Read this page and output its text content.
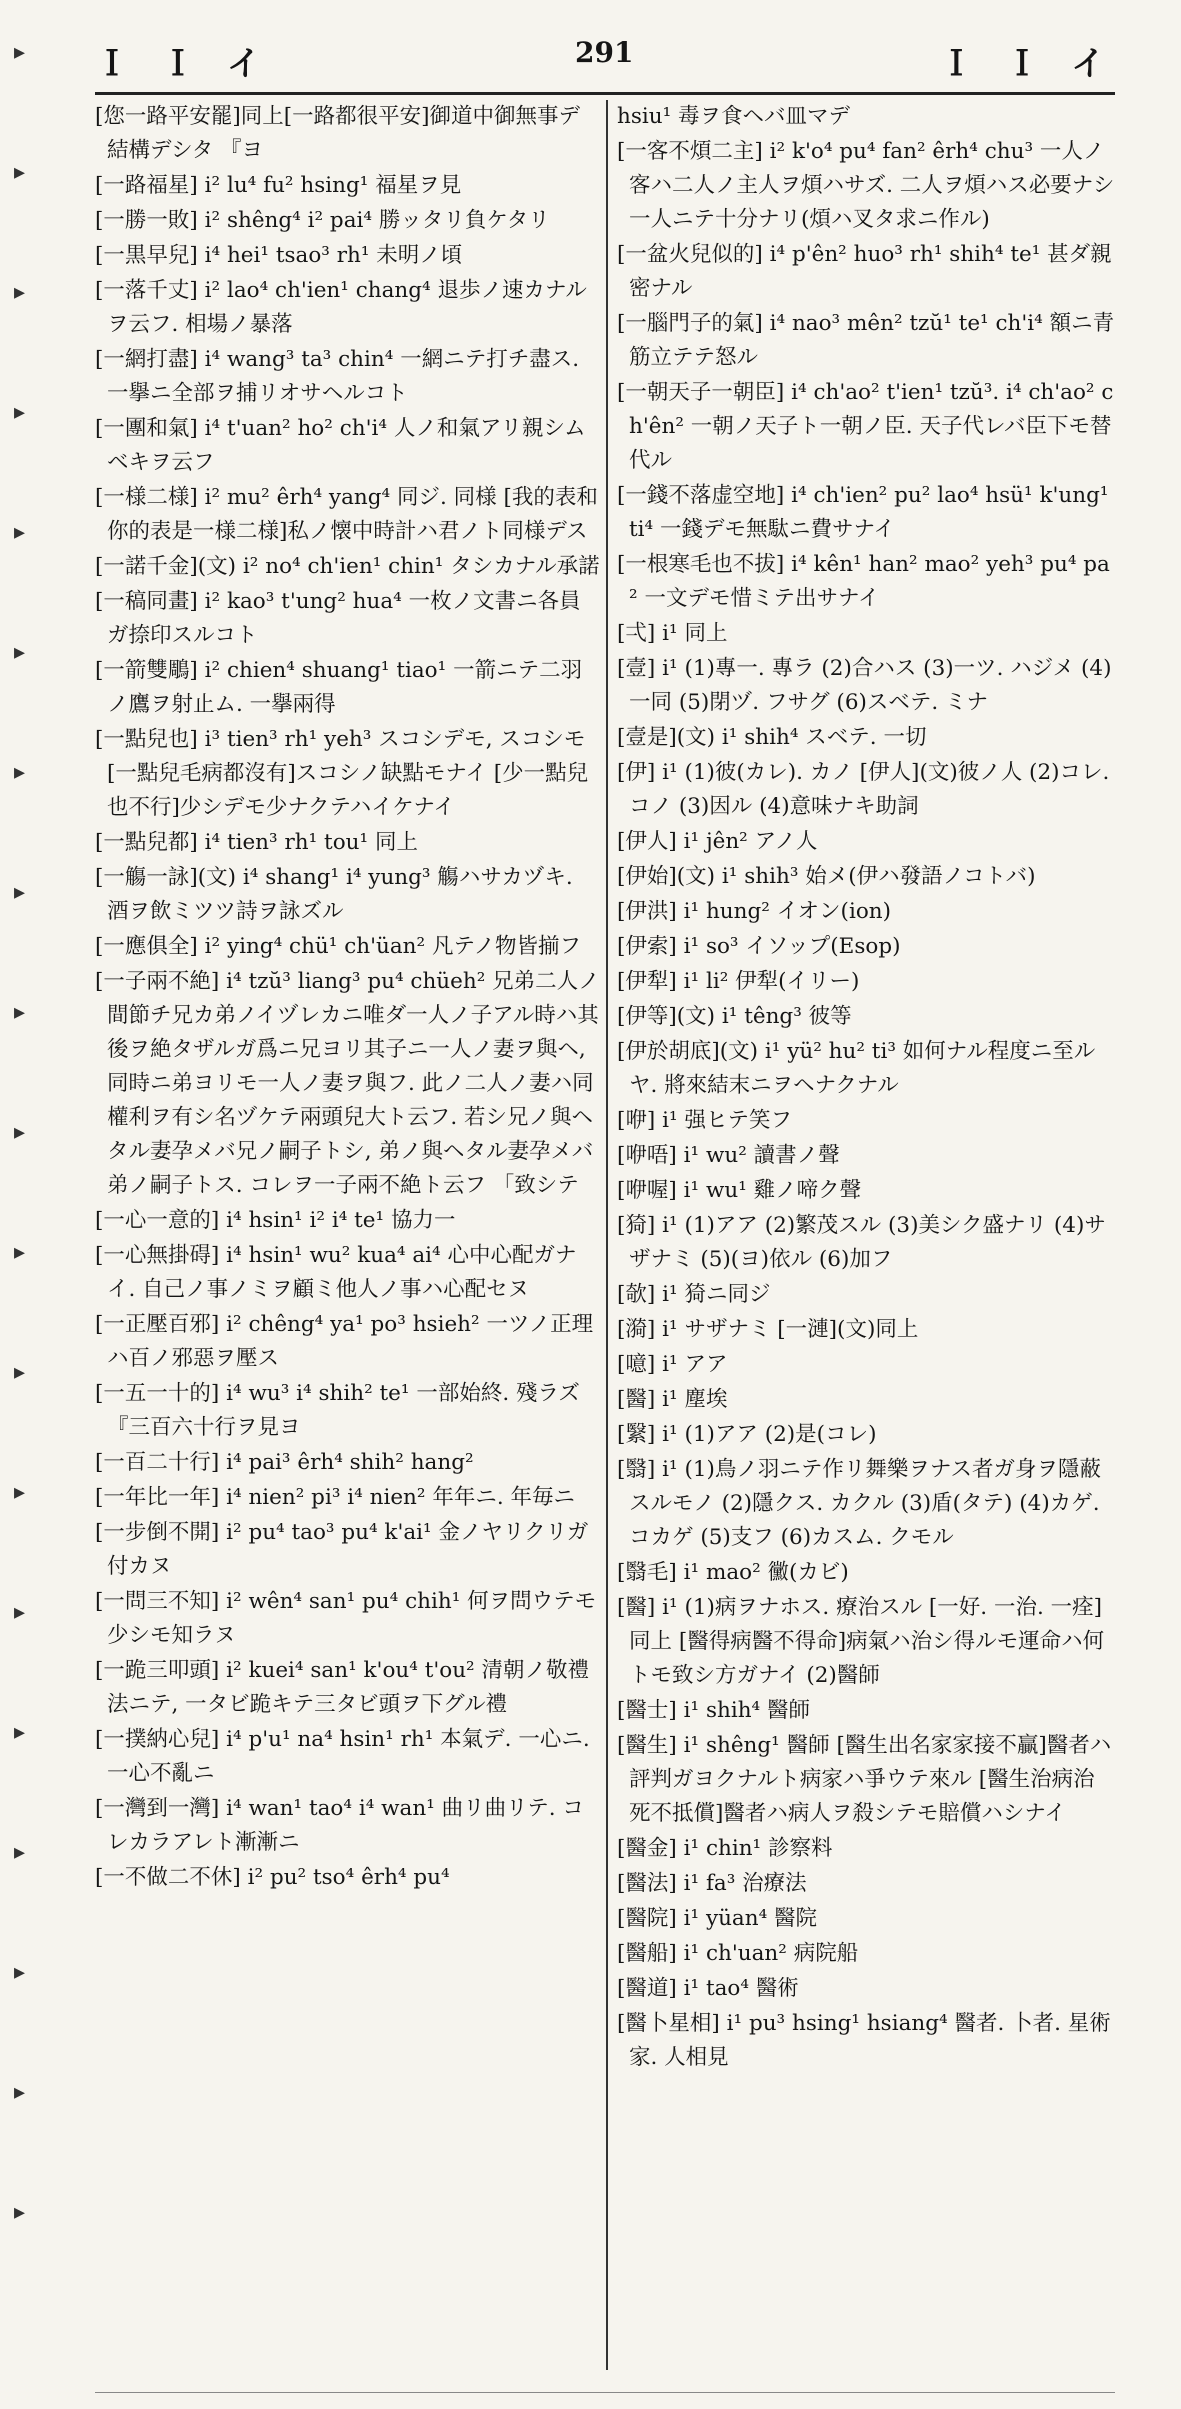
▸
▸
▸
▸
▸
▸
▸
▸
▸
▸
▸
▸
▸
▸
▸
▸
▸
▸
▸
Ｉ Ｉ イ	291	Ｉ Ｉ イ

[您一路平安罷]同上[一路都很平安]御道中御無事デ結構デシタ 『ヨ

[一路福星] i² lu⁴ fu² hsing¹ 福星ヲ見

[一勝一敗] i² shêng⁴ i² pai⁴ 勝ッタリ負ケタリ

[一黒早兒] i⁴ hei¹ tsao³ rh¹ 未明ノ頃

[一落千丈] i² lao⁴ ch'ien¹ chang⁴ 退歩ノ速カナルヲ云フ. 相場ノ暴落

[一網打盡] i⁴ wang³ ta³ chin⁴ 一網ニテ打チ盡ス. 一擧ニ全部ヲ捕リオサヘルコト

[一團和氣] i⁴ t'uan² ho² ch'i⁴ 人ノ和氣アリ親シムベキヲ云フ

[一様二様] i² mu² êrh⁴ yang⁴ 同ジ. 同様 [我的表和你的表是一様二様]私ノ懐中時計ハ君ノト同様デス

[一諾千金](文) i² no⁴ ch'ien¹ chin¹ タシカナル承諾

[一稿同畫] i² kao³ t'ung² hua⁴ 一枚ノ文書ニ各員ガ捺印スルコト

[一箭雙鵰] i² chien⁴ shuang¹ tiao¹ 一箭ニテ二羽ノ鷹ヲ射止ム. 一擧兩得

[一點兒也] i³ tien³ rh¹ yeh³ スコシデモ, スコシモ [一點兒毛病都沒有]スコシノ缺點モナイ [少一點兒也不行]少シデモ少ナクテハイケナイ

[一點兒都] i⁴ tien³ rh¹ tou¹ 同上

[一觴一詠](文) i⁴ shang¹ i⁴ yung³ 觴ハサカヅキ. 酒ヲ飲ミツツ詩ヲ詠ズル

[一應俱全] i² ying⁴ chü¹ ch'üan² 凡テノ物皆揃フ

[一子兩不絶] i⁴ tzŭ³ liang³ pu⁴ chüeh² 兄弟二人ノ間節チ兄カ弟ノイヅレカニ唯ダ一人ノ子アル時ハ其後ヲ絶タザルガ爲ニ兄ヨリ其子ニ一人ノ妻ヲ與ヘ, 同時ニ弟ヨリモ一人ノ妻ヲ與フ. 此ノ二人ノ妻ハ同權利ヲ有シ名ヅケテ兩頭兒大ト云フ. 若シ兄ノ與ヘタル妻孕メバ兄ノ嗣子トシ, 弟ノ與ヘタル妻孕メバ弟ノ嗣子トス. コレヲ一子兩不絶ト云フ 「致シテ

[一心一意的] i⁴ hsin¹ i² i⁴ te¹ 協力一

[一心無掛碍] i⁴ hsin¹ wu² kua⁴ ai⁴ 心中心配ガナイ. 自己ノ事ノミヲ顧ミ他人ノ事ハ心配セヌ

[一正壓百邪] i² chêng⁴ ya¹ po³ hsieh² 一ツノ正理ハ百ノ邪惡ヲ壓ス

[一五一十的] i⁴ wu³ i⁴ shih² te¹ 一部始終. 殘ラズ 『三百六十行ヲ見ヨ

[一百二十行] i⁴ pai³ êrh⁴ shih² hang²

[一年比一年] i⁴ nien² pi³ i⁴ nien² 年年ニ. 年毎ニ

[一步倒不開] i² pu⁴ tao³ pu⁴ k'ai¹ 金ノヤリクリガ付カヌ

[一問三不知] i² wên⁴ san¹ pu⁴ chih¹ 何ヲ問ウテモ少シモ知ラヌ

[一跪三叩頭] i² kuei⁴ san¹ k'ou⁴ t'ou² 清朝ノ敬禮法ニテ, 一タビ跪キテ三タビ頭ヲ下グル禮

[一撲納心兒] i⁴ p'u¹ na⁴ hsin¹ rh¹ 本氣デ. 一心ニ. 一心不亂ニ

[一灣到一灣] i⁴ wan¹ tao⁴ i⁴ wan¹ 曲リ曲リテ. コレカラアレト漸漸ニ

[一不做二不休] i² pu² tso⁴ êrh⁴ pu⁴

hsiu¹ 毒ヲ食ヘバ皿マデ

[一客不煩二主] i² k'o⁴ pu⁴ fan² êrh⁴ chu³ 一人ノ客ハ二人ノ主人ヲ煩ハサズ. 二人ヲ煩ハス必要ナシ一人ニテ十分ナリ(煩ハ叉タ求ニ作ル)

[一盆火兒似的] i⁴ p'ên² huo³ rh¹ shih⁴ te¹ 甚ダ親密ナル

[一腦門子的氣] i⁴ nao³ mên² tzŭ¹ te¹ ch'i⁴ 額ニ青筋立テテ怒ル

[一朝天子一朝臣] i⁴ ch'ao² t'ien¹ tzŭ³. i⁴ ch'ao² ch'ên² 一朝ノ天子ト一朝ノ臣. 天子代レバ臣下モ替代ル

[一錢不落虚空地] i⁴ ch'ien² pu² lao⁴ hsü¹ k'ung¹ ti⁴ 一錢デモ無駄ニ費サナイ

[一根寒毛也不拔] i⁴ kên¹ han² mao² yeh³ pu⁴ pa² 一文デモ惜ミテ出サナイ

[弌] i¹ 同上

[壹] i¹ (1)專一. 專ラ (2)合ハス (3)一ツ. ハジメ (4)一同 (5)閉ヅ. フサグ (6)スベテ. ミナ

[壹是](文) i¹ shih⁴ スベテ. 一切

[伊] i¹ (1)彼(カレ). カノ [伊人](文)彼ノ人 (2)コレ. コノ (3)因ル (4)意味ナキ助詞

[伊人] i¹ jên² アノ人

[伊始](文) i¹ shih³ 始メ(伊ハ發語ノコトバ)

[伊洪] i¹ hung² イオン(ion)

[伊索] i¹ so³ イソップ(Esop)

[伊犁] i¹ li² 伊犁(イリー)

[伊等](文) i¹ têng³ 彼等

[伊於胡底](文) i¹ yü² hu² ti³ 如何ナル程度ニ至ルヤ. 將來結末ニヲヘナクナル

[咿] i¹ 强ヒテ笑フ

[咿唔] i¹ wu² 讀書ノ聲

[咿喔] i¹ wu¹ 雞ノ啼ク聲

[猗] i¹ (1)アア (2)繁茂スル (3)美シク盛ナリ (4)サザナミ (5)(ヨ)依ル (6)加フ

[欹] i¹ 猗ニ同ジ

[漪] i¹ サザナミ [一漣](文)同上

[噫] i¹ アア

[醫] i¹ 塵埃

[繄] i¹ (1)アア (2)是(コレ)

[翳] i¹ (1)鳥ノ羽ニテ作リ舞樂ヲナス者ガ身ヲ隱蔽スルモノ (2)隱クス. カクル (3)盾(タテ) (4)カゲ. コカゲ (5)支フ (6)カスム. クモル

[翳毛] i¹ mao² 黴(カビ)

[醫] i¹ (1)病ヲナホス. 療治スル [一好. 一治. 一痊]同上 [醫得病醫不得命]病氣ハ治シ得ルモ運命ハ何トモ致シ方ガナイ (2)醫師

[醫士] i¹ shih⁴ 醫師

[醫生] i¹ shêng¹ 醫師 [醫生出名家家接不贏]醫者ハ評判ガヨクナルト病家ハ爭ウテ來ル [醫生治病治死不抵償]醫者ハ病人ヲ殺シテモ賠償ハシナイ

[醫金] i¹ chin¹ 診察料

[醫法] i¹ fa³ 治療法

[醫院] i¹ yüan⁴ 醫院

[醫船] i¹ ch'uan² 病院船

[醫道] i¹ tao⁴ 醫術

[醫卜星相] i¹ pu³ hsing¹ hsiang⁴ 醫者. 卜者. 星術家. 人相見
